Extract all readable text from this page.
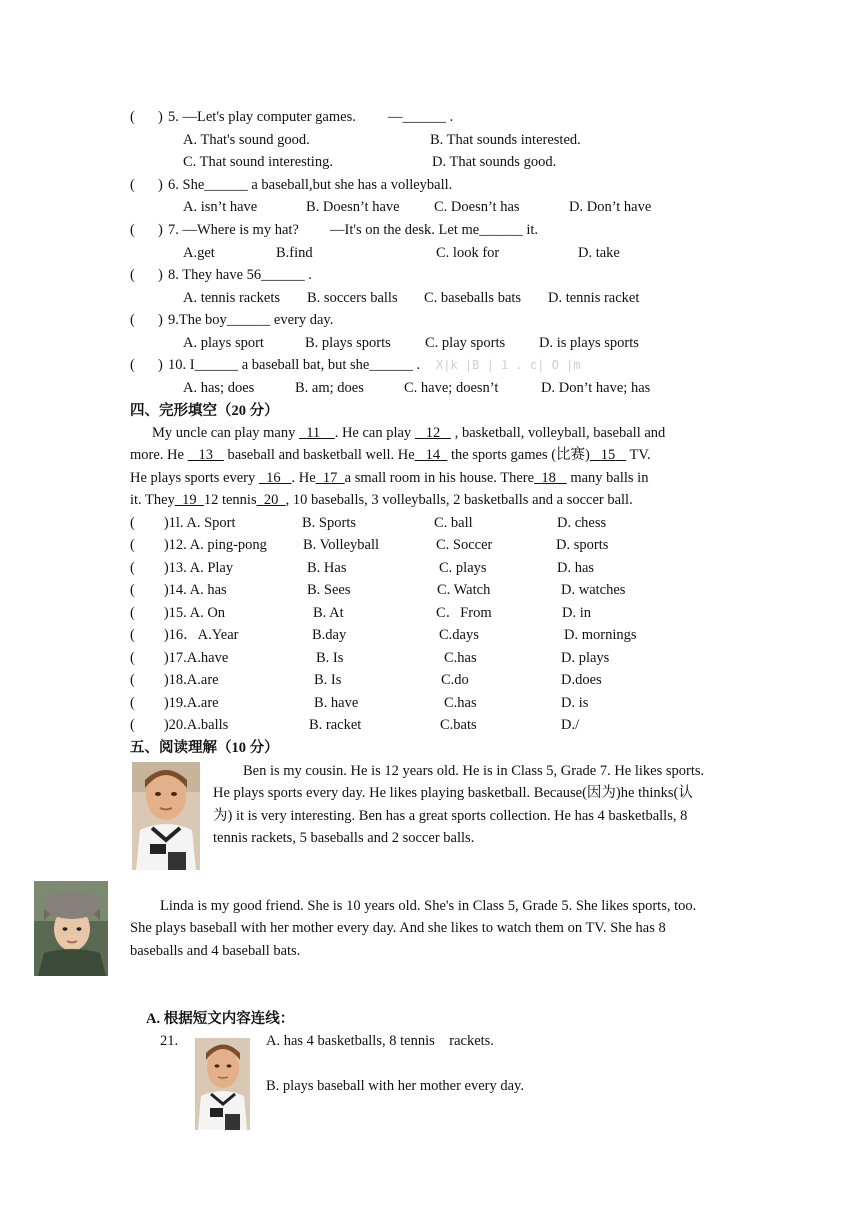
( ) 5. —Let's play computer games. —______ .
A. That's sound good.	B. That sounds interested.
C. That sound interesting.	D. That sounds good.
( ) 6. She______ a baseball,but she has a volleyball.
A. isn’t have	B. Doesn’t have C. Doesn’t has	D. Don’t have
( ) 7. —Where is my hat? —It's on the desk. Let me______ it.
A.get	B.find	C. look for	D. take
( ) 8. They have 56______ .
A. tennis rackets B. soccers balls C. baseballs bats D. tennis racket
( ) 9.The boy______ every day.
A. plays sport	B. plays sports C. play sports D. is plays sports
( ) 10. I______ a baseball bat, but she______ . X|k |B | 1 . c| O |m
A. has; does	B. am; does	C. have; doesn’t	D. Don’t have; has
四、完形填空（20 分）
My uncle can play many   11 . He can play    12    , basketball, volleyball, baseball and
more. He    13    baseball and basketball well. He 14   the sports games (比赛) 15    TV.
He plays sports every   16 . He 17 a small room in his house. There 18    many balls in
it. They 19 12 tennis 20 , 10 baseballs, 3 volleyballs, 2 basketballs and a soccer ball.
(        )1l. A. Sport	B. Sports	C. ball	D. chess
(        )12. A. ping-pong B. Volleyball	C. Soccer	D. sports
(        )13. A. Play	B. Has	C. plays	D. has
(        )14. A. has	B. Sees	C. Watch	D. watches
(        )15. A. On	B. At	C．From	D. in
(        )16．A.Year	B.day	C.days	D. mornings
(        )17.A.have	B. Is	C.has	D. plays
(        )18.A.are	B. Is	C.do	D.does
(        )19.A.are	B. have	C.has	D. is
(        )20.A.balls	B. racket	C.bats	D./
五、阅读理解（10 分）
Ben is my cousin. He is 12 years old. He is in Class 5, Grade 7. He likes sports.
He plays sports every day. He likes playing basketball. Because(因为)he thinks(认
为) it is very interesting. Ben has a great sports collection. He has 4 basketballs, 8
tennis rackets, 5 baseballs and 2 soccer balls.
Linda is my good friend. She is 10 years old. She's in Class 5, Grade 5. She likes sports, too.
She plays baseball with her mother every day. And she likes to watch them on TV. She has 8
baseballs and 4 baseball bats.
A. 根据短文内容连线：
21.	A. has 4 basketballs, 8 tennis    rackets.
B. plays baseball with her mother every day.
